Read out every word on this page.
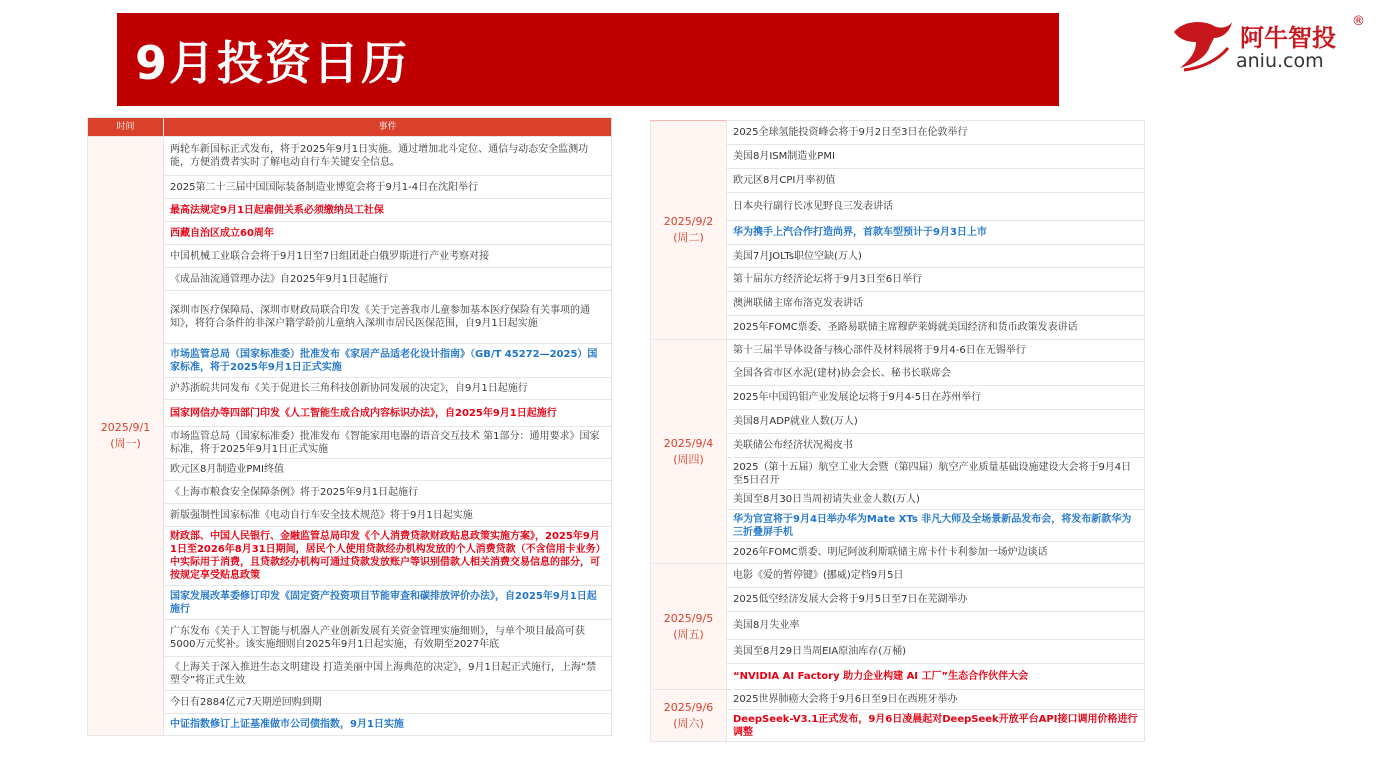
9月投资日历	阿牛智投
®
aniu.com
时间	事件

2025/9/1
(周一)	两轮车新国标正式发布，将于2025年9月1日实施。通过增加北斗定位、通信与动态安全监测功能，方便消费者实时了解电动自行车关键安全信息。
	2025第二十三届中国国际装备制造业博览会将于9月1-4日在沈阳举行
	最高法规定9月1日起雇佣关系必须缴纳员工社保
	西藏自治区成立60周年
	中国机械工业联合会将于9月1日至7日组团赴白俄罗斯进行产业考察对接
	《成品油流通管理办法》自2025年9月1日起施行
	深圳市医疗保障局、深圳市财政局联合印发《关于完善我市儿童参加基本医疗保险有关事项的通知》，将符合条件的非深户籍学龄前儿童纳入深圳市居民医保范围，自9月1日起实施
	市场监管总局（国家标准委）批准发布《家居产品适老化设计指南》（GB/T 45272—2025）国家标准，将于2025年9月1日正式实施
	沪苏浙皖共同发布《关于促进长三角科技创新协同发展的决定》，自9月1日起施行
	国家网信办等四部门印发《人工智能生成合成内容标识办法》，自2025年9月1日起施行
	市场监管总局（国家标准委）批准发布《智能家用电器的语音交互技术 第1部分：通用要求》国家标准，将于2025年9月1日正式实施
	欧元区8月制造业PMI终值
	《上海市粮食安全保障条例》将于2025年9月1日起施行
	新版强制性国家标准《电动自行车安全技术规范》将于9月1日起实施
	财政部、中国人民银行、金融监管总局印发《个人消费贷款财政贴息政策实施方案》，2025年9月1日至2026年8月31日期间，居民个人使用贷款经办机构发放的个人消费贷款（不含信用卡业务）中实际用于消费，且贷款经办机构可通过贷款发放账户等识别借款人相关消费交易信息的部分，可按规定享受贴息政策
	国家发展改革委修订印发《固定资产投资项目节能审查和碳排放评价办法》，自2025年9月1日起施行
	广东发布《关于人工智能与机器人产业创新发展有关资金管理实施细则》，与单个项目最高可获5000万元奖补。该实施细则自2025年9月1日起实施，有效期至2027年底
	《上海关于深入推进生态文明建设 打造美丽中国上海典范的决定》，9月1日起正式施行，上海“禁塑令”将正式生效
	今日有2884亿元7天期逆回购到期
	中证指数修订上证基准做市公司债指数，9月1日实施
2025/9/2
(周二)	2025全球氢能投资峰会将于9月2日至3日在伦敦举行
	美国8月ISM制造业PMI
	欧元区8月CPI月率初值
	日本央行副行长冰见野良三发表讲话
	华为携手上汽合作打造尚界，首款车型预计于9月3日上市
	美国7月JOLTs职位空缺(万人)
	第十届东方经济论坛将于9月3日至6日举行
	澳洲联储主席布洛克发表讲话
	2025年FOMC票委、圣路易联储主席穆萨莱姆就美国经济和货币政策发表讲话

2025/9/4
(周四)	第十三届半导体设备与核心部件及材料展将于9月4-6日在无锡举行
	全国各省市区水泥(建材)协会会长、秘书长联席会
	2025年中国钨钼产业发展论坛将于9月4-5日在苏州举行
	美国8月ADP就业人数(万人)
	美联储公布经济状况褐皮书
	2025（第十五届）航空工业大会暨（第四届）航空产业质量基础设施建设大会将于9月4日至5日召开
	美国至8月30日当周初请失业金人数(万人)
	华为官宣将于9月4日举办华为Mate XTs 非凡大师及全场景新品发布会，将发布新款华为三折叠屏手机
	2026年FOMC票委、明尼阿波利斯联储主席卡什卡利参加一场炉边谈话

2025/9/5
(周五)	电影《爱的暂停键》(挪威)定档9月5日
	2025低空经济发展大会将于9月5日至7日在芜湖举办
	美国8月失业率
	美国至8月29日当周EIA原油库存(万桶)
	“NVIDIA AI Factory 助力企业构建 AI 工厂”生态合作伙伴大会

2025/9/6
(周六)	2025世界肺癌大会将于9月6日至9日在西班牙举办
	DeepSeek-V3.1正式发布，9月6日凌晨起对DeepSeek开放平台API接口调用价格进行调整
